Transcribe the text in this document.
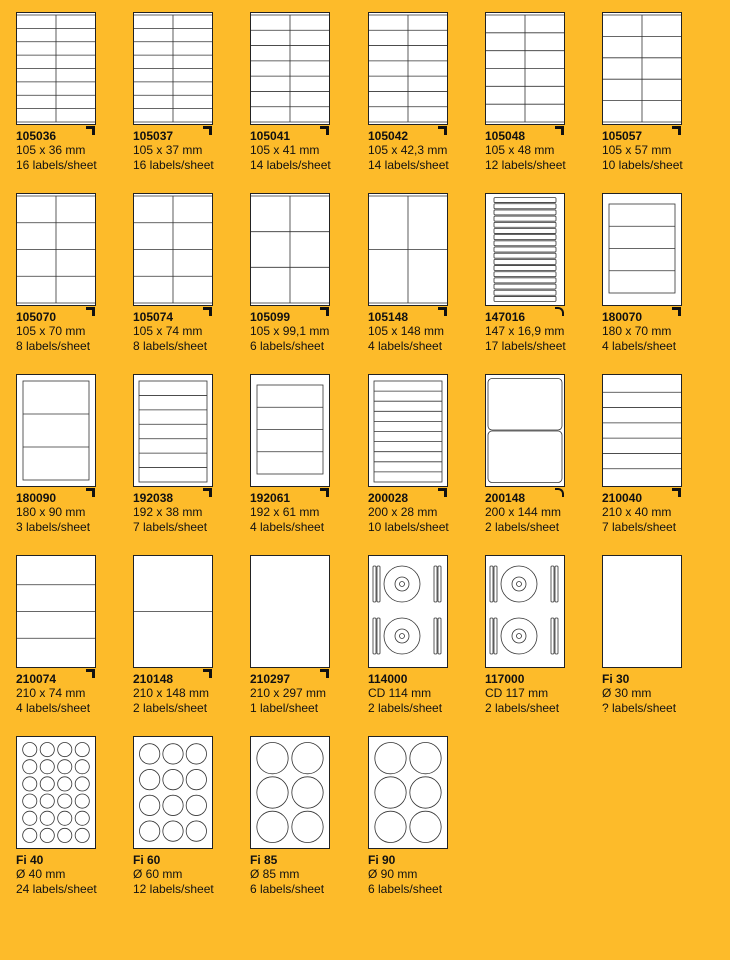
105036
105 x 36 mm
16 labels/sheet
105037
105 x 37 mm
16 labels/sheet
105041
105 x 41 mm
14 labels/sheet
105042
105 x 42,3 mm
14 labels/sheet
105048
105 x 48 mm
12 labels/sheet
105057
105 x 57 mm
10 labels/sheet
105070
105 x 70 mm
8 labels/sheet
105074
105 x 74 mm
8 labels/sheet
105099
105 x 99,1 mm
6 labels/sheet
105148
105 x 148 mm
4 labels/sheet
147016
147 x 16,9 mm
17 labels/sheet
180070
180 x 70 mm
4 labels/sheet
180090
180 x 90 mm
3 labels/sheet
192038
192 x 38 mm
7 labels/sheet
192061
192 x 61 mm
4 labels/sheet
200028
200 x 28 mm
10 labels/sheet
200148
200 x 144 mm
2 labels/sheet
210040
210 x 40 mm
7 labels/sheet
210074
210 x 74 mm
4 labels/sheet
210148
210 x 148 mm
2 labels/sheet
210297
210 x 297 mm
1 label/sheet
114000
CD 114 mm
2 labels/sheet
117000
CD 117 mm
2 labels/sheet
Fi 30
Ø 30 mm
? labels/sheet
Fi 40
Ø 40 mm
24 labels/sheet
Fi 60
Ø 60 mm
12 labels/sheet
Fi 85
Ø 85 mm
6 labels/sheet
Fi 90
Ø 90 mm
6 labels/sheet
